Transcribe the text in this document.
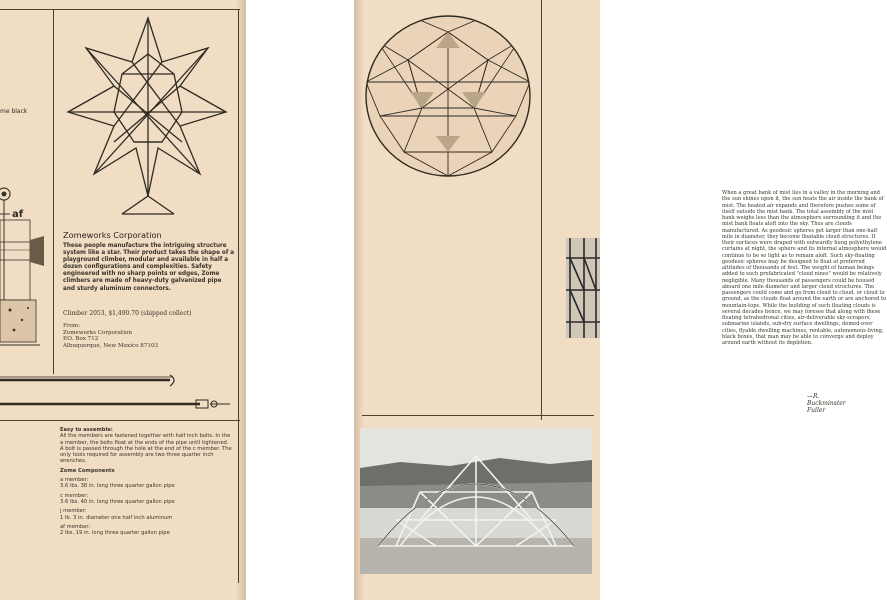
me black
af
Zomeworks Corporation
These people manufacture the intriguing structure system like a star. Their product takes the shape of a playground climber, modular and available in half a dozen configurations and complexities. Safety engineered with no sharp points or edges, Zome climbers are made of heavy-duty galvanized pipe and sturdy aluminum connectors.
Climber 2053, $1,490.70 (shipped collect)
From:
Zomeworks Corporation
P.O. Box 712
Albuquerque, New Mexico 87103
Easy to assemble:
All the members are fastened together with half inch bolts. In the a member, the bolts float at the ends of the pipe until tightened. A bolt is passed through the hole at the end of the c member. The only tools required for assembly are two three quarter inch wrenches.
Zome Components
a member:
3.6 lbs. 38 in. long three quarter gallon pipe
c member:
3.6 lbs. 40 in. long three quarter gallon pipe
j member:
1 lb. 3 in. diameter one half inch aluminum
af member:
2 lbs. 19 in. long three quarter gallon pipe
When a great bank of mist lies in a valley in the morning and the sun shines upon it, the sun heats the air inside the bank of mist. The heated air expands and therefore pushes some of itself outside the mist bank. The total assembly of the mist bank weighs less than the atmosphere surrounding it and the mist bank floats aloft into the sky. Thus are clouds manufactured. As geodesic spheres get larger than one-half mile in diameter, they become floatable cloud structures. If their surfaces were draped with outwardly hung polyethylene curtains at night, the sphere and its internal atmosphere would continue to be so light as to remain aloft. Such sky-floating geodesic spheres may be designed to float at preferred altitudes of thousands of feet. The weight of human beings added to such prefabricated "cloud nines" would be relatively negligible. Many thousands of passengers could be housed aboard one mile diameter and larger cloud structures. The passengers could come and go from cloud to cloud, or cloud to ground, as the clouds float around the earth or are anchored to mountain-tops. While the building of such floating clouds is several decades hence, we may foresee that along with these floating tetrahedronal cities, air-deliverable sky-scrapers, submarine islands, sub-dry surface dwellings, domed-over cities, flyable dwelling machines, rentable, autonomous-living, black boxes, that man may be able to converge and deploy around earth without its depletion.
—R. Buckminster Fuller
